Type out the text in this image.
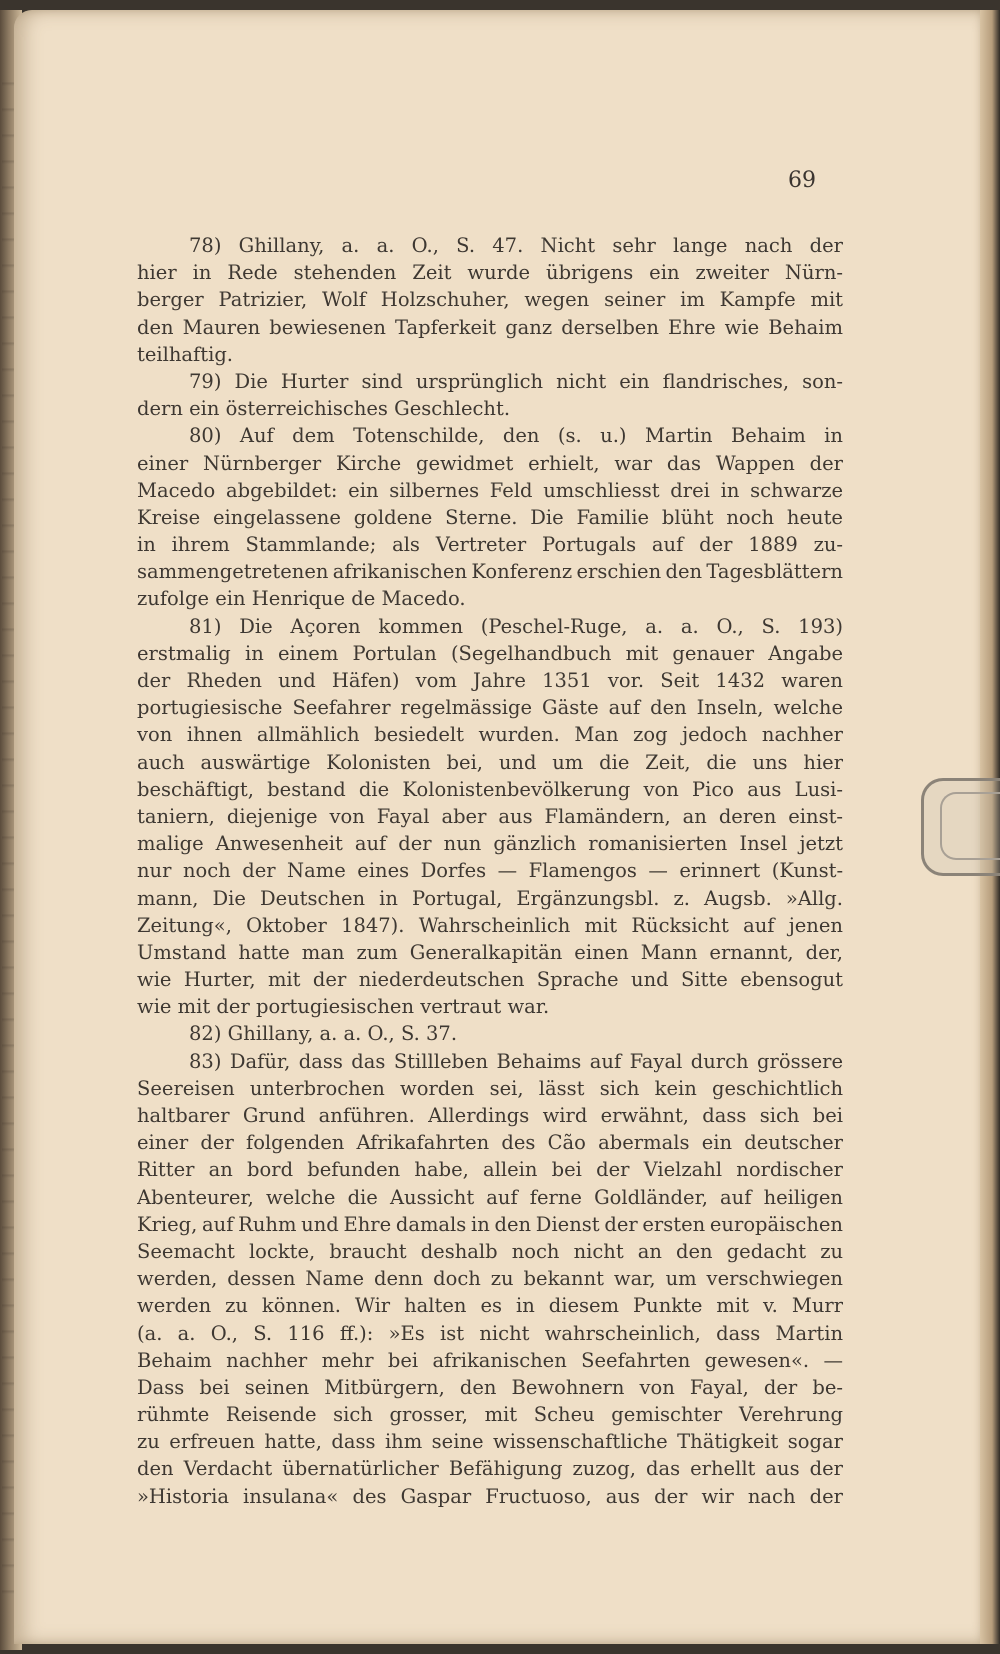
69
78) Ghillany, a. a. O., S. 47. Nicht sehr lange nach der
hier in Rede stehenden Zeit wurde übrigens ein zweiter Nürn-
berger Patrizier, Wolf Holzschuher, wegen seiner im Kampfe mit
den Mauren bewiesenen Tapferkeit ganz derselben Ehre wie Behaim
teilhaftig.
79) Die Hurter sind ursprünglich nicht ein flandrisches, son-
dern ein österreichisches Geschlecht.
80) Auf dem Totenschilde, den (s. u.) Martin Behaim in
einer Nürnberger Kirche gewidmet erhielt, war das Wappen der
Macedo abgebildet: ein silbernes Feld umschliesst drei in schwarze
Kreise eingelassene goldene Sterne. Die Familie blüht noch heute
in ihrem Stammlande; als Vertreter Portugals auf der 1889 zu-
sammengetretenen afrikanischen Konferenz erschien den Tagesblättern
zufolge ein Henrique de Macedo.
81) Die Açoren kommen (Peschel-Ruge, a. a. O., S. 193)
erstmalig in einem Portulan (Segelhandbuch mit genauer Angabe
der Rheden und Häfen) vom Jahre 1351 vor. Seit 1432 waren
portugiesische Seefahrer regelmässige Gäste auf den Inseln, welche
von ihnen allmählich besiedelt wurden. Man zog jedoch nachher
auch auswärtige Kolonisten bei, und um die Zeit, die uns hier
beschäftigt, bestand die Kolonistenbevölkerung von Pico aus Lusi-
taniern, diejenige von Fayal aber aus Flamändern, an deren einst-
malige Anwesenheit auf der nun gänzlich romanisierten Insel jetzt
nur noch der Name eines Dorfes — Flamengos — erinnert (Kunst-
mann, Die Deutschen in Portugal, Ergänzungsbl. z. Augsb. »Allg.
Zeitung«, Oktober 1847). Wahrscheinlich mit Rücksicht auf jenen
Umstand hatte man zum Generalkapitän einen Mann ernannt, der,
wie Hurter, mit der niederdeutschen Sprache und Sitte ebensogut
wie mit der portugiesischen vertraut war.
82) Ghillany, a. a. O., S. 37.
83) Dafür, dass das Stillleben Behaims auf Fayal durch grössere
Seereisen unterbrochen worden sei, lässt sich kein geschichtlich
haltbarer Grund anführen. Allerdings wird erwähnt, dass sich bei
einer der folgenden Afrikafahrten des Cão abermals ein deutscher
Ritter an bord befunden habe, allein bei der Vielzahl nordischer
Abenteurer, welche die Aussicht auf ferne Goldländer, auf heiligen
Krieg, auf Ruhm und Ehre damals in den Dienst der ersten europäischen
Seemacht lockte, braucht deshalb noch nicht an den gedacht zu
werden, dessen Name denn doch zu bekannt war, um verschwiegen
werden zu können. Wir halten es in diesem Punkte mit v. Murr
(a. a. O., S. 116 ff.): »Es ist nicht wahrscheinlich, dass Martin
Behaim nachher mehr bei afrikanischen Seefahrten gewesen«. —
Dass bei seinen Mitbürgern, den Bewohnern von Fayal, der be-
rühmte Reisende sich grosser, mit Scheu gemischter Verehrung
zu erfreuen hatte, dass ihm seine wissenschaftliche Thätigkeit sogar
den Verdacht übernatürlicher Befähigung zuzog, das erhellt aus der
»Historia insulana« des Gaspar Fructuoso, aus der wir nach der
